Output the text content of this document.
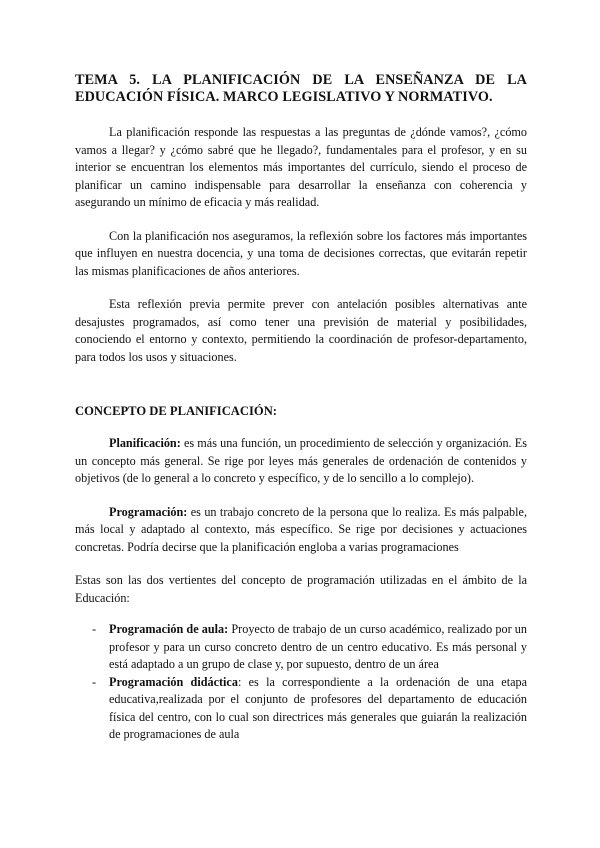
TEMA 5. LA PLANIFICACIÓN DE LA ENSEÑANZA DE LA EDUCACIÓN FÍSICA. MARCO LEGISLATIVO Y NORMATIVO.

La planificación responde las respuestas a las preguntas de ¿dónde vamos?, ¿cómo vamos a llegar? y ¿cómo sabré que he llegado?, fundamentales para el profesor, y en su interior se encuentran los elementos más importantes del currículo, siendo el proceso de planificar un camino indispensable para desarrollar la enseñanza con coherencia y asegurando un mínimo de eficacia y más realidad.

Con la planificación nos aseguramos, la reflexión sobre los factores más importantes que influyen en nuestra docencia, y una toma de decisiones correctas, que evitarán repetir las mismas planificaciones de años anteriores.

Esta reflexión previa permite prever con antelación posibles alternativas ante desajustes programados, así como tener una previsión de material y posibilidades, conociendo el entorno y contexto, permitiendo la coordinación de profesor-departamento, para todos los usos y situaciones.

CONCEPTO DE PLANIFICACIÓN:

Planificación: es más una función, un procedimiento de selección y organización. Es un concepto más general. Se rige por leyes más generales de ordenación de contenidos y objetivos (de lo general a lo concreto y específico, y de lo sencillo a lo complejo).

Programación: es un trabajo concreto de la persona que lo realiza. Es más palpable, más local y adaptado al contexto, más específico. Se rige por decisiones y actuaciones concretas. Podría decirse que la planificación engloba a varias programaciones

Estas son las dos vertientes del concepto de programación utilizadas en el ámbito de la Educación:

- Programación de aula: Proyecto de trabajo de un curso académico, realizado por un profesor y para un curso concreto dentro de un centro educativo. Es más personal y está adaptado a un grupo de clase y, por supuesto, dentro de un área
- Programación didáctica: es la correspondiente a la ordenación de una etapa educativa,realizada por el conjunto de profesores del departamento de educación física del centro, con lo cual son directrices más generales que guiarán la realización de programaciones de aula
